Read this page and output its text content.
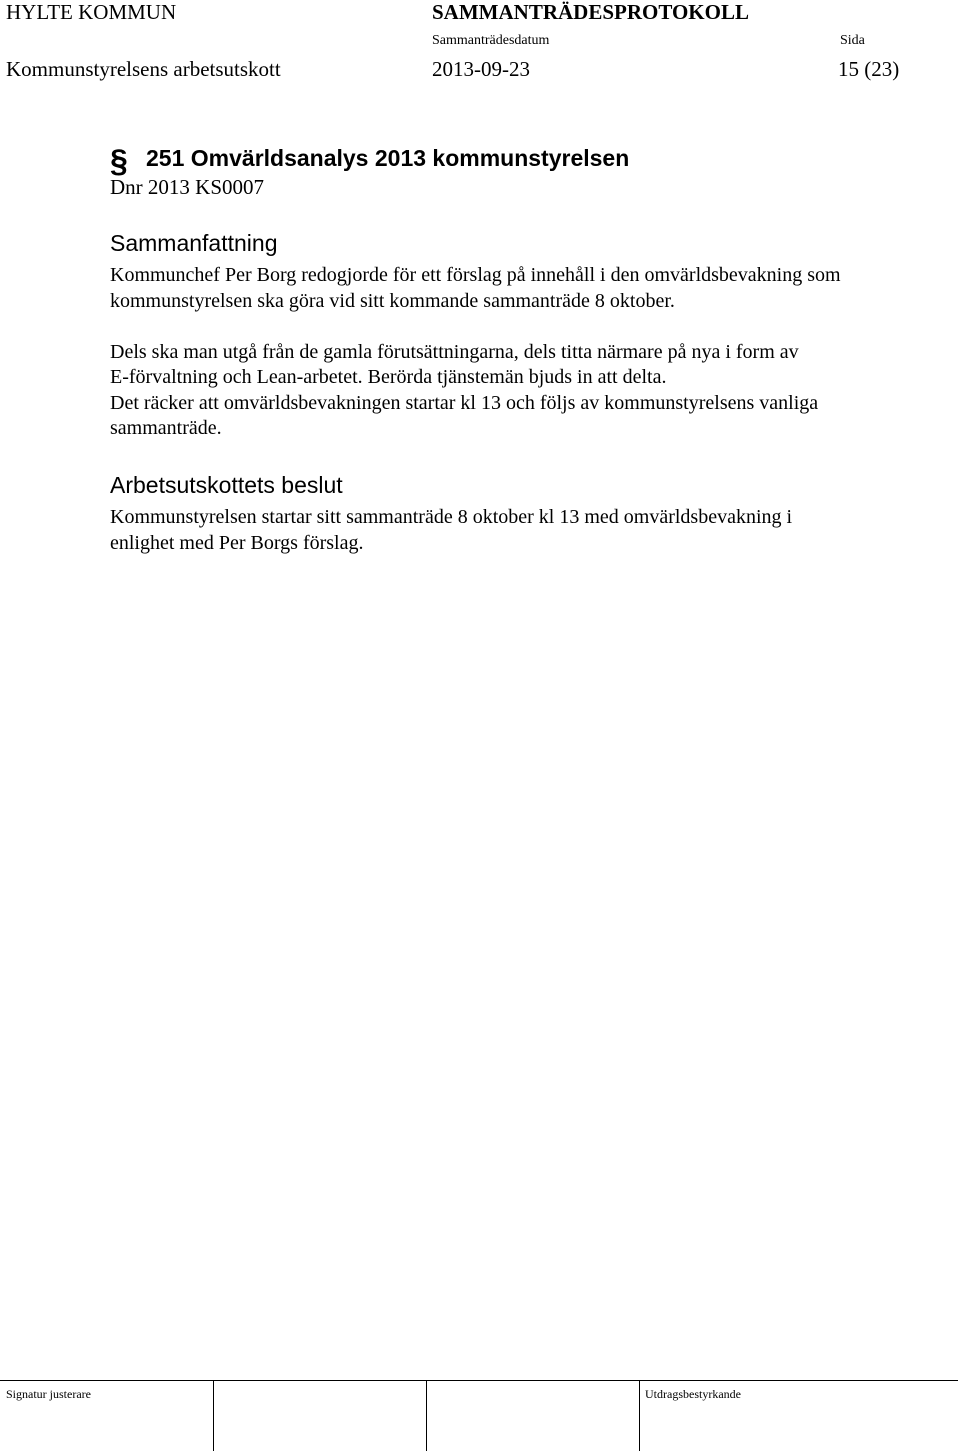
HYLTE KOMMUN	SAMMANTRÄDESPROTOKOLL
Sammanträdesdatum	Sida
Kommunstyrelsens arbetsutskott	2013-09-23	15 (23)
§ 251 Omvärldsanalys 2013 kommunstyrelsen
Dnr 2013 KS0007
Sammanfattning
Kommunchef Per Borg redogjorde för ett förslag på innehåll i den omvärldsbevakning som
kommunstyrelsen ska göra vid sitt kommande sammanträde 8 oktober.
Dels ska man utgå från de gamla förutsättningarna, dels titta närmare på nya i form av
E-förvaltning och Lean-arbetet. Berörda tjänstemän bjuds in att delta.
Det räcker att omvärldsbevakningen startar kl 13 och följs av kommunstyrelsens vanliga
sammanträde.
Arbetsutskottets beslut
Kommunstyrelsen startar sitt sammanträde 8 oktober kl 13 med omvärldsbevakning i
enlighet med Per Borgs förslag.
Signatur justerare	Utdragsbestyrkande
